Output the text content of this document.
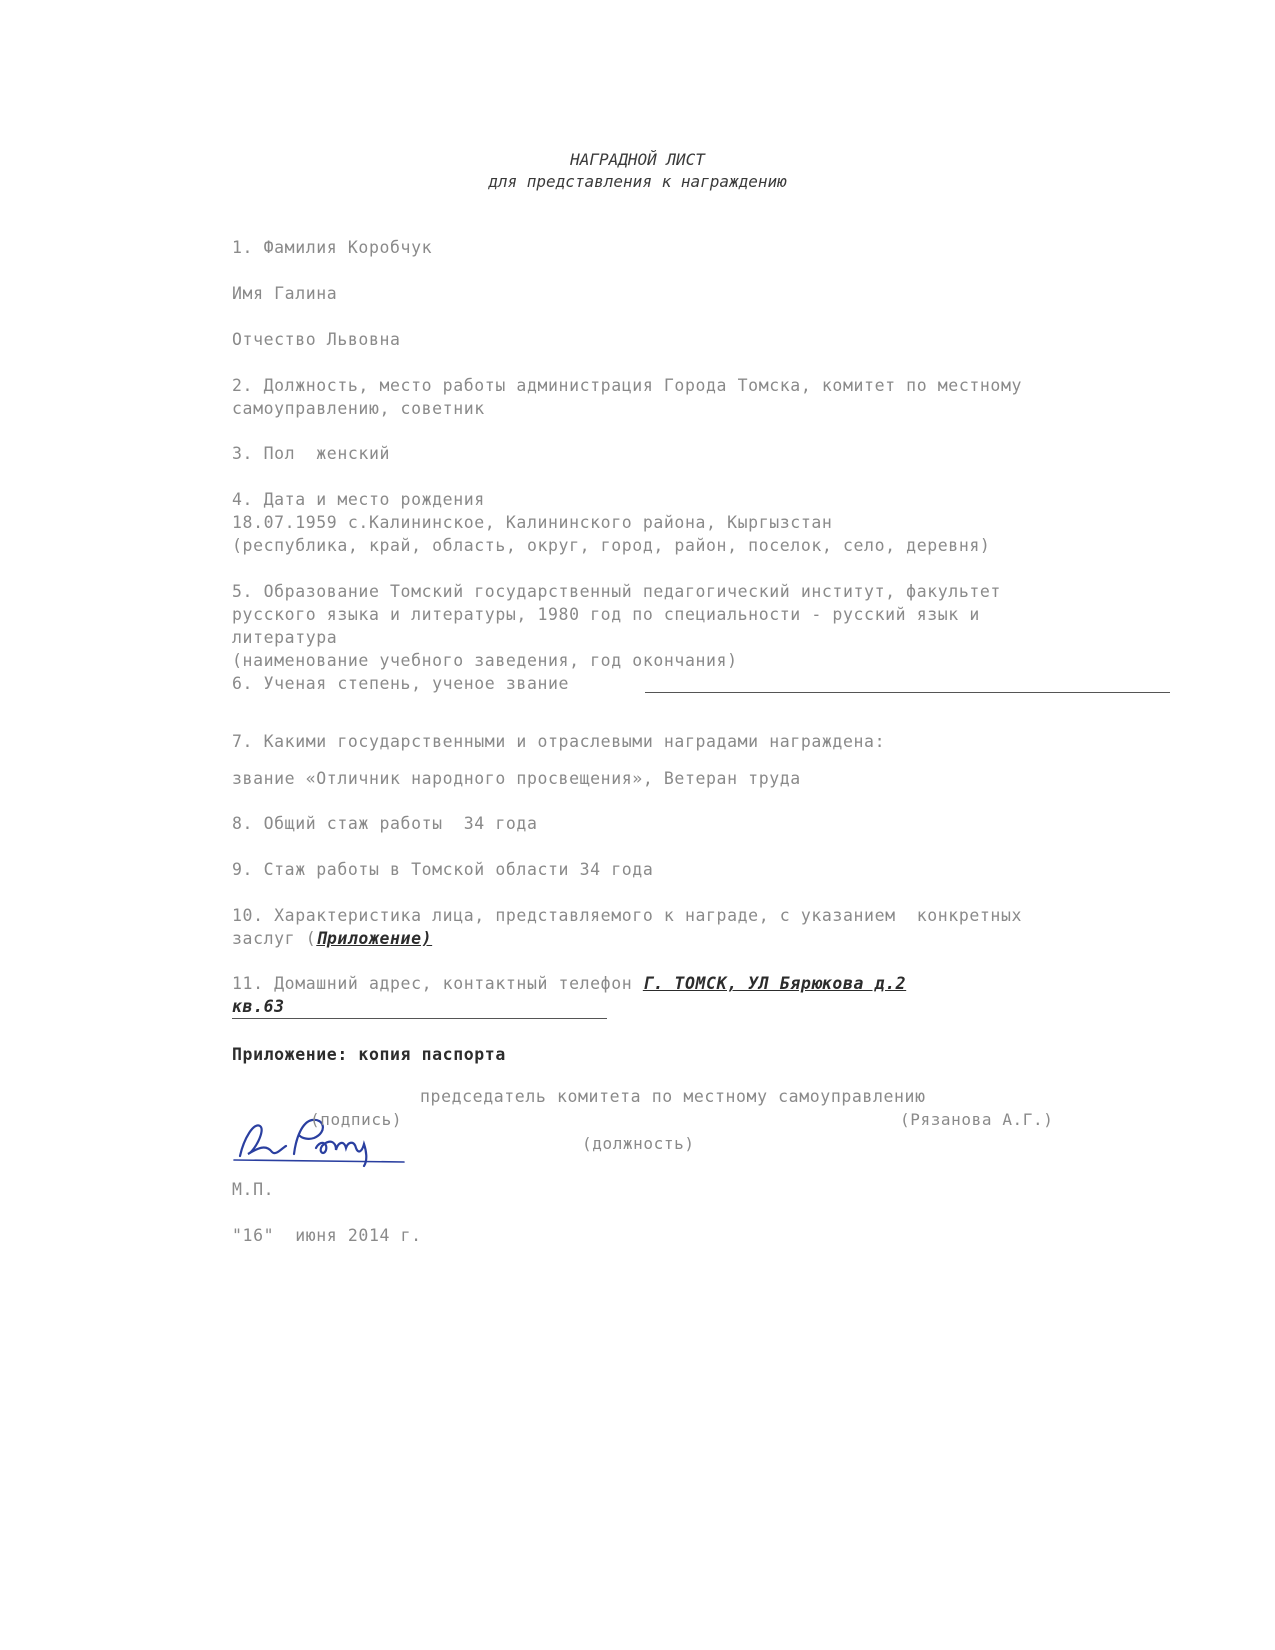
НАГРАДНОЙ ЛИСТ
для представления к награждению
1. Фамилия Коробчук
Имя Галина
Отчество Львовна
2. Должность, место работы администрация Города Томска, комитет по местному
самоуправлению, советник
3. Пол  женский
4. Дата и место рождения
18.07.1959 с.Калининское, Калининского района, Кыргызстан
(республика, край, область, округ, город, район, поселок, село, деревня)
5. Образование Томский государственный педагогический институт, факультет
русского языка и литературы, 1980 год по специальности - русский язык и
литература
(наименование учебного заведения, год окончания)
6. Ученая степень, ученое звание
7. Какими государственными и отраслевыми наградами награждена:
звание «Отличник народного просвещения», Ветеран труда
8. Общий стаж работы  34 года
9. Стаж работы в Томской области 34 года
10. Характеристика лица, представляемого к награде, с указанием  конкретных
заслуг (Приложение)
11. Домашний адрес, контактный телефон Г. ТОМСК, УЛ Бярюкова д.2
кв.63
Приложение: копия паспорта
председатель комитета по местному самоуправлению
(подпись)	(Рязанова А.Г.)
(должность)
М.П.
"16"  июня 2014 г.
